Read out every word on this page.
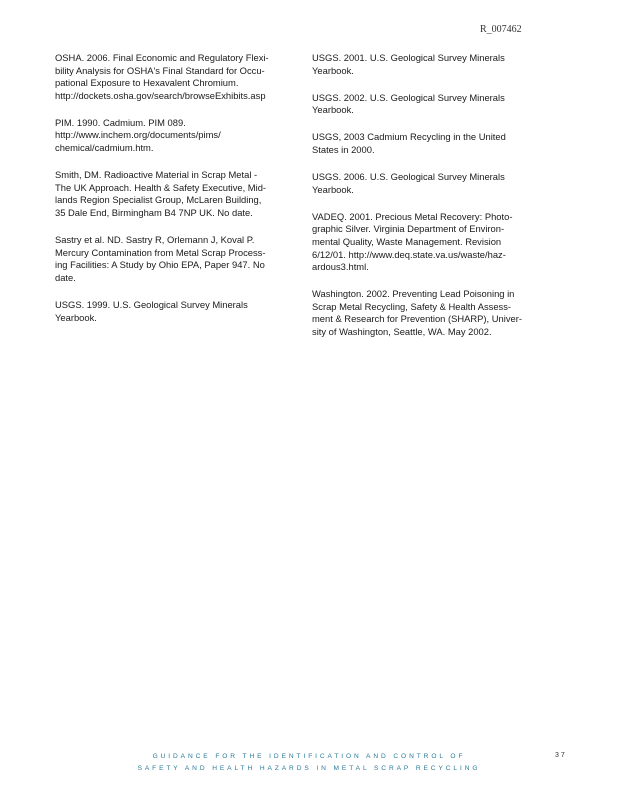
R_007462
OSHA. 2006. Final Economic and Regulatory Flexi-
bility Analysis for OSHA's Final Standard for Occu-
pational Exposure to Hexavalent Chromium.
http://dockets.osha.gov/search/browseExhibits.asp
PIM. 1990. Cadmium. PIM 089.
http://www.inchem.org/documents/pims/
chemical/cadmium.htm.
Smith, DM. Radioactive Material in Scrap Metal -
The UK Approach. Health & Safety Executive, Mid-
lands Region Specialist Group, McLaren Building,
35 Dale End, Birmingham B4 7NP UK. No date.
Sastry et al. ND. Sastry R, Orlemann J, Koval P.
Mercury Contamination from Metal Scrap Process-
ing Facilities: A Study by Ohio EPA, Paper 947. No
date.
USGS. 1999. U.S. Geological Survey Minerals
Yearbook.
USGS. 2001. U.S. Geological Survey Minerals
Yearbook.
USGS. 2002. U.S. Geological Survey Minerals
Yearbook.
USGS, 2003 Cadmium Recycling in the United
States in 2000.
USGS. 2006. U.S. Geological Survey Minerals
Yearbook.
VADEQ. 2001. Precious Metal Recovery: Photo-
graphic Silver. Virginia Department of Environ-
mental Quality, Waste Management. Revision
6/12/01. http://www.deq.state.va.us/waste/haz-
ardous3.html.
Washington. 2002. Preventing Lead Poisoning in
Scrap Metal Recycling, Safety & Health Assess-
ment & Research for Prevention (SHARP), Univer-
sity of Washington, Seattle, WA. May 2002.
GUIDANCE FOR THE IDENTIFICATION AND CONTROL OF
SAFETY AND HEALTH HAZARDS IN METAL SCRAP RECYCLING
37
